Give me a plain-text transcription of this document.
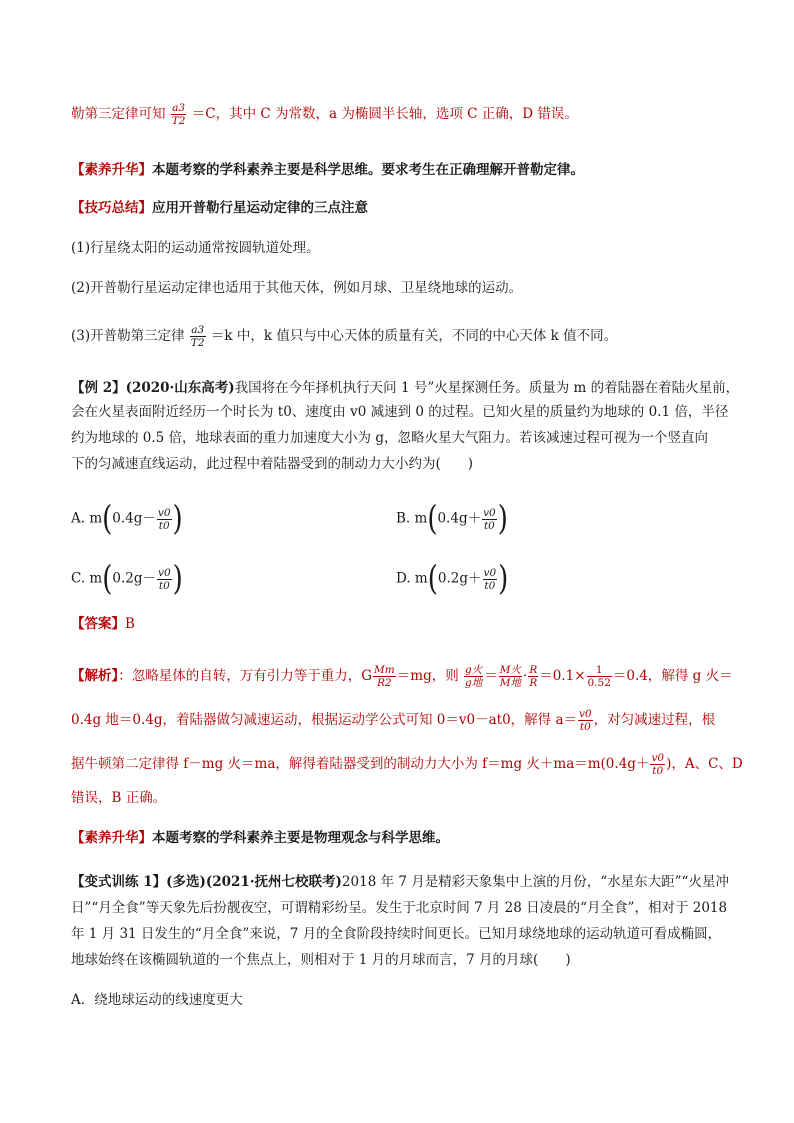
勒第三定律可知 $\frac{a3}{T2} =C$，其中 C 为常数，a 为椭圆半长轴，选项 C 正确，D 错误。
【素养升华】本题考察的学科素养主要是科学思维。要求考生在正确理解开普勒定律。
【技巧总结】应用开普勒行星运动定律的三点注意
(1)行星绕太阳的运动通常按圆轨道处理。
(2)开普勒行星运动定律也适用于其他天体，例如月球、卫星绕地球的运动。
(3)开普勒第三定律 $\frac{a3}{T2} =k$ 中，k 值只与中心天体的质量有关，不同的中心天体 k 值不同。
【例 2】(2020·山东高考)我国将在今年择机执行天问 1 号”火星探测任务。质量为 m 的着陆器在着陆火星前，
会在火星表面附近经历一个时长为 t0、速度由 v0 减速到 0 的过程。已知火星的质量约为地球的 0.1 倍，半径
约为地球的 0.5 倍，地球表面的重力加速度大小为 g，忽略火星大气阻力。若该减速过程可视为一个竖直向
下的匀减速直线运动，此过程中着陆器受到的制动力大小约为(　　)
A. $m(0.4g- \frac{v0}{t0}$ )	B. $m(0.4g+ \frac{v0}{t0}$ )
C. $m(0.2g- \frac{v0}{t0}$ )	D. $m(0.2g+ \frac{v0}{t0}$ )
【答案】B
【解析】：忽略星体的自转，万有引力等于重力，G $\frac{Mm}{R2} =mg$，则 $\frac{\text{g火}}{\text{g地}} = \frac{\text{M火}}{\text{M地}} \cdot \frac{R}{R} =0.1\times \frac{1}{0.52} =0.4$，解得 g 火＝
0.4g 地＝0.4g，着陆器做匀减速运动，根据运动学公式可知 0＝v0－at0，解得 $a= \frac{v0}{t0}$ ，对匀减速过程，根
据牛顿第二定律得 f－mg 火＝ma，解得着陆器受到的制动力大小为 f＝mg 火$+ma=m(0.4g+ \frac{v0}{t0}$ )，A、C、D
错误，B 正确。
【素养升华】本题考察的学科素养主要是物理观念与科学思维。
【变式训练 1】(多选)(2021·抚州七校联考)2018 年 7 月是精彩天象集中上演的月份，“水星东大距”“火星冲
日”“月全食”等天象先后扮靓夜空，可谓精彩纷呈。发生于北京时间 7 月 28 日凌晨的“月全食”，相对于 2018
年 1 月 31 日发生的“月全食”来说，7 月的全食阶段持续时间更长。已知月球绕地球的运动轨道可看成椭圆，
地球始终在该椭圆轨道的一个焦点上，则相对于 1 月的月球而言，7 月的月球(　　)
A．绕地球运动的线速度更大
